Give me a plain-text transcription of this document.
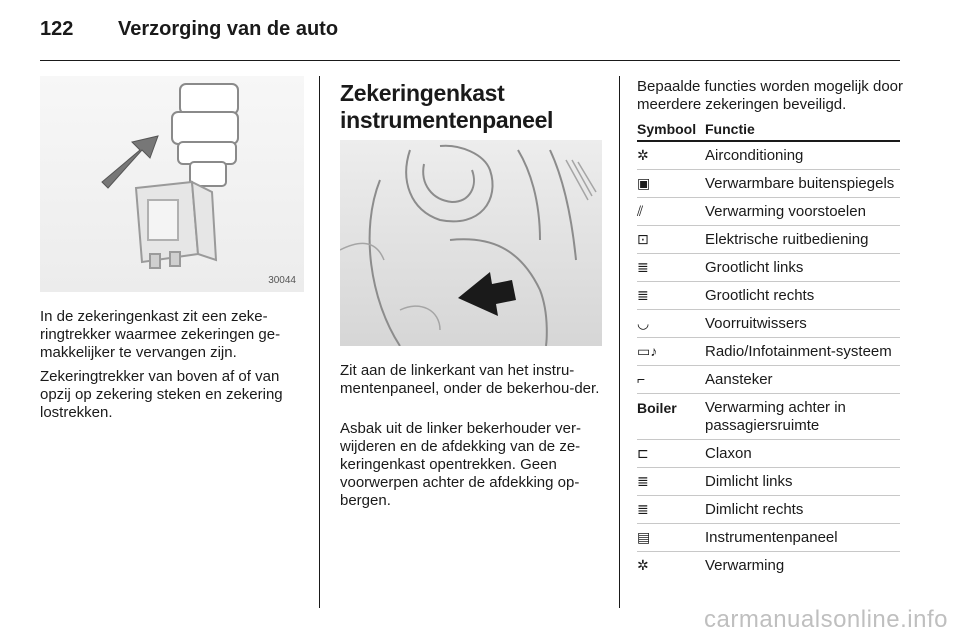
122 Verzorging van de auto
30044

In de zekeringenkast zit een zeke-ringtrekker waarmee zekeringen ge-makkelijker te vervangen zijn.

Zekeringtrekker van boven af of van opzij op zekering steken en zekering lostrekken.

Zekeringenkast instrumentenpaneel

Zit aan de linkerkant van het instru-mentenpaneel, onder de bekerhou-der.

Asbak uit de linker bekerhouder ver-wijderen en de afdekking van de ze-keringenkast opentrekken. Geen voorwerpen achter de afdekking op-bergen.

Bepaalde functies worden mogelijk door meerdere zekeringen beveiligd.

Symbool Functie
✲	Airconditioning
▣	Verwarmbare buitenspiegels
⫽	Verwarming voorstoelen
⊡	Elektrische ruitbediening
≣	Grootlicht links
≣	Grootlicht rechts
◡	Voorruitwissers
▭♪	Radio/Infotainment-systeem
⌐	Aansteker
Boiler	Verwarming achter in passagiersruimte
⊏	Claxon
≣	Dimlicht links
≣	Dimlicht rechts
▤	Instrumentenpaneel
✲	Verwarming
carmanualsonline.info
